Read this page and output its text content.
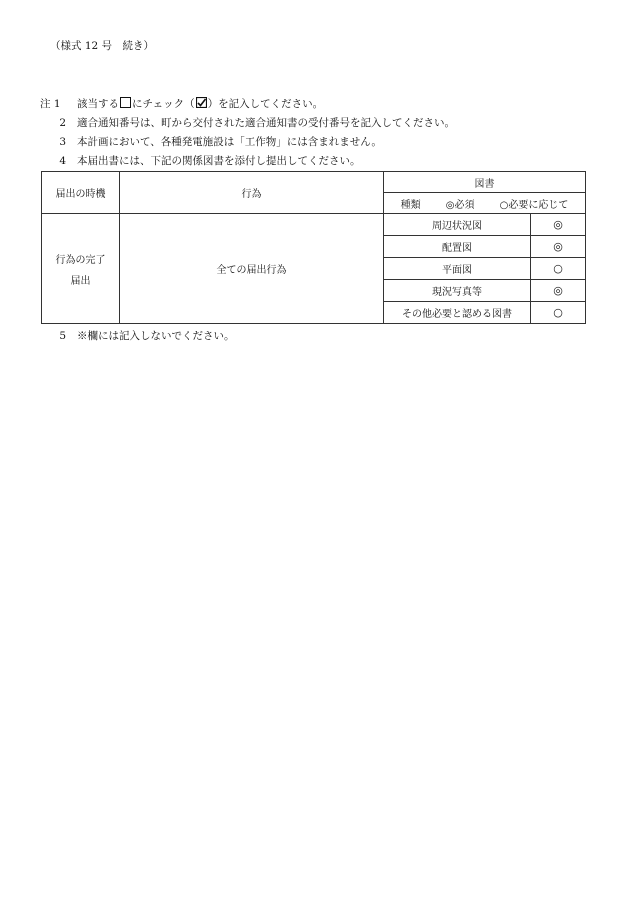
（様式 12 号　続き）
注 1	該当する にチェック（ ）を記入してください。
2	適合通知番号は、町から交付された適合通知書の受付番号を記入してください。
3	本計画において、各種発電施設は「工作物」には含まれません。
4	本届出書には、下記の関係図書を添付し提出してください。
届出の時機	行為	図書	

		種類 ◎必須 ○必要に応じて	

行為の完了
届出	全ての届出行為	周辺状況図	◎
		配置図	◎
		平面図	○
		現況写真等	◎
		その他必要と認める図書	○
5	※欄には記入しないでください。
